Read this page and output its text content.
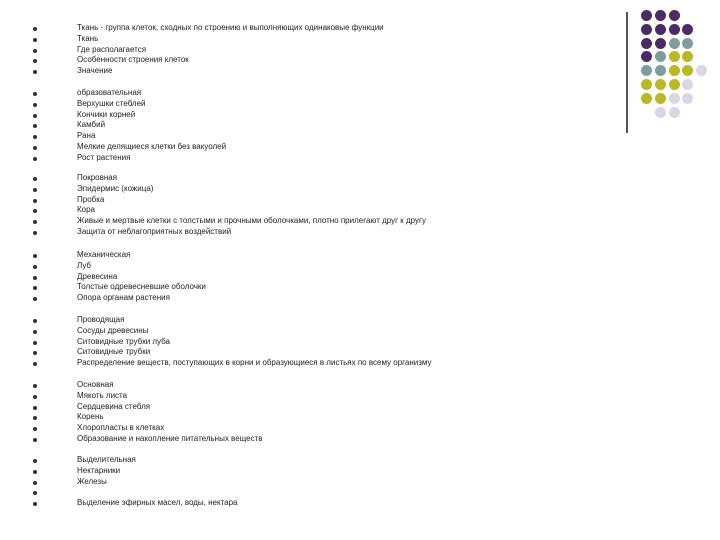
Ткань - группа клеток, сходных по строению и выполняющих одинаковые функции
Ткань
Где располагается
Особенности строения клеток
Значение
образовательная
Верхушки стеблей
Кончики корней
Камбий
Рана
Мелкие делящиеся клетки без вакуолей
Рост растения
Покровная
Эпидермис (кожица)
Пробка
Кора
Живые и мертвые клетки с толстыми и прочными оболочками, плотно прилегают друг к другу
Защита от неблагоприятных воздействий
Механическая
Луб
Древесина
Толстые одревесневшие оболочки
Опора органам растения
Проводящая
Сосуды древесины
Ситовидные трубки луба
Ситовидные трубки
Распределение веществ, поступающих в корни и образующиеся в листьях по всему организму
Основная
Мякоть листа
Сердцевина стебля
Корень
Хлоропласты в клетках
Образование и накопление питательных веществ
Выделительная
Нектарники
Железы
Выделение эфирных масел, воды, нектара
